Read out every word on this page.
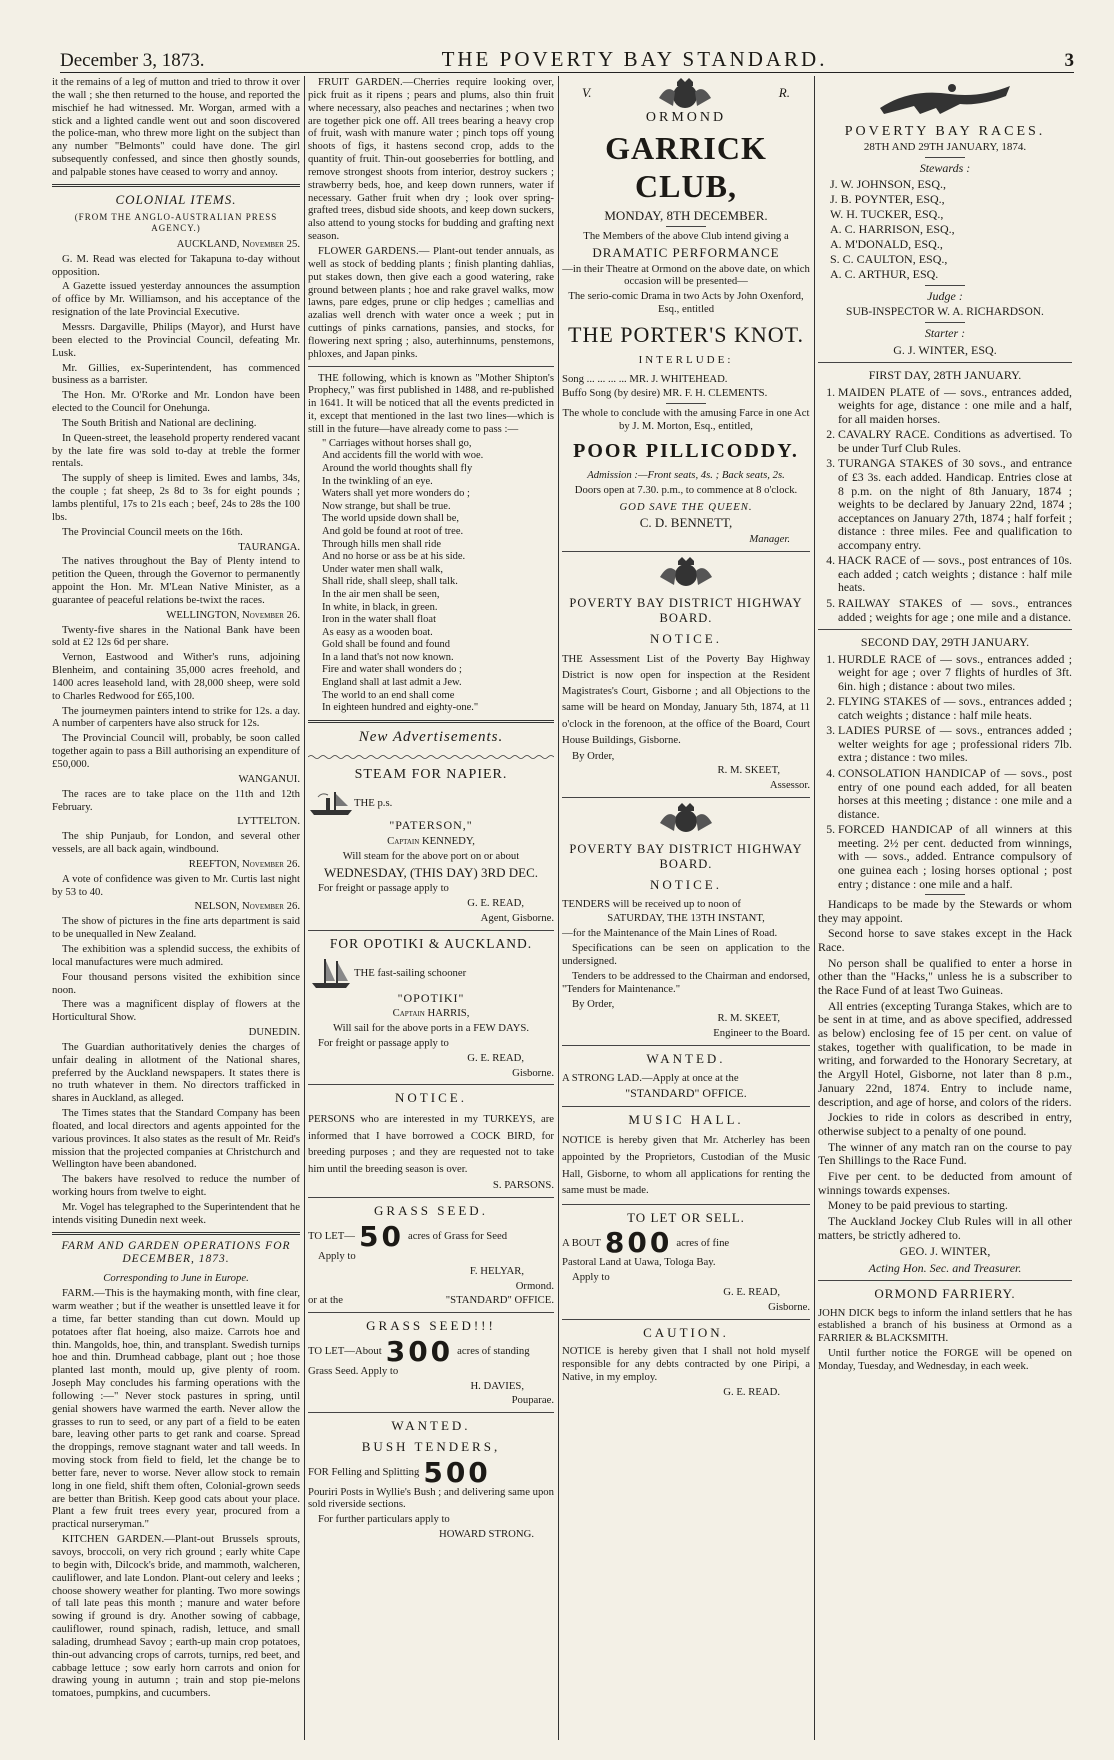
December 3, 1873.	THE POVERTY BAY STANDARD.	3

it the remains of a leg of mutton and tried to throw it over the wall ; she then returned to the house, and reported the mischief he had witnessed. Mr. Worgan, armed with a stick and a lighted candle went out and soon discovered the police-man, who threw more light on the subject than any number "Belmonts" could have done. The girl subsequently confessed, and since then ghostly sounds, and palpable stones have ceased to worry and annoy.

COLONIAL ITEMS.
(FROM THE ANGLO-AUSTRALIAN PRESS AGENCY.)

AUCKLAND, November 25.

G. M. Read was elected for Takapuna to-day without opposition.

A Gazette issued yesterday announces the assumption of office by Mr. Williamson, and his acceptance of the resignation of the late Provincial Executive.

Messrs. Dargaville, Philips (Mayor), and Hurst have been elected to the Provincial Council, defeating Mr. Lusk.

Mr. Gillies, ex-Superintendent, has commenced business as a barrister.

The Hon. Mr. O'Rorke and Mr. London have been elected to the Council for Onehunga.

The South British and National are declining.

In Queen-street, the leasehold property rendered vacant by the late fire was sold to-day at treble the former rentals.

The supply of sheep is limited. Ewes and lambs, 34s, the couple ; fat sheep, 2s 8d to 3s for eight pounds ; lambs plentiful, 17s to 21s each ; beef, 24s to 28s the 100 lbs.

The Provincial Council meets on the 16th.

TAURANGA.

The natives throughout the Bay of Plenty intend to petition the Queen, through the Governor to permanently appoint the Hon. Mr. M'Lean Native Minister, as a guarantee of peaceful relations be-twixt the races.

WELLINGTON, November 26.

Twenty-five shares in the National Bank have been sold at £2 12s 6d per share.

Vernon, Eastwood and Wither's runs, adjoining Blenheim, and containing 35,000 acres freehold, and 1400 acres leasehold land, with 28,000 sheep, were sold to Charles Redwood for £65,100.

The journeymen painters intend to strike for 12s. a day. A number of carpenters have also struck for 12s.

The Provincial Council will, probably, be soon called together again to pass a Bill authorising an expenditure of £50,000.

WANGANUI.

The races are to take place on the 11th and 12th February.

LYTTELTON.

The ship Punjaub, for London, and several other vessels, are all back again, windbound.

REEFTON, November 26.

A vote of confidence was given to Mr. Curtis last night by 53 to 40.

NELSON, November 26.

The show of pictures in the fine arts department is said to be unequalled in New Zealand.

The exhibition was a splendid success, the exhibits of local manufactures were much admired.

Four thousand persons visited the exhibition since noon.

There was a magnificent display of flowers at the Horticultural Show.

DUNEDIN.

The Guardian authoritatively denies the charges of unfair dealing in allotment of the National shares, preferred by the Auckland newspapers. It states there is no truth whatever in them. No directors trafficked in shares in Auckland, as alleged.

The Times states that the Standard Company has been floated, and local directors and agents appointed for the various provinces. It also states as the result of Mr. Reid's mission that the projected companies at Christchurch and Wellington have been abandoned.

The bakers have resolved to reduce the number of working hours from twelve to eight.

Mr. Vogel has telegraphed to the Superintendent that he intends visiting Dunedin next week.

FARM AND GARDEN OPERATIONS FOR DECEMBER, 1873.

Corresponding to June in Europe.

FARM.—This is the haymaking month, with fine clear, warm weather ; but if the weather is unsettled leave it for a time, far better standing than cut down. Mould up potatoes after flat hoeing, also maize. Carrots hoe and thin. Mangolds, hoe, thin, and transplant. Swedish turnips hoe and thin. Drumhead cabbage, plant out ; hoe those planted last month, mould up, give plenty of room. Joseph May concludes his farming operations with the following :—" Never stock pastures in spring, until genial showers have warmed the earth. Never allow the grasses to run to seed, or any part of a field to be eaten bare, leaving other parts to get rank and coarse. Spread the droppings, remove stagnant water and tall weeds. In moving stock from field to field, let the change be to better fare, never to worse. Never allow stock to remain long in one field, shift them often, Colonial-grown seeds are better than British. Keep good cats about your place. Plant a few fruit trees every year, procured from a practical nurseryman."

KITCHEN GARDEN.—Plant-out Brussels sprouts, savoys, broccoli, on very rich ground ; early white Cape to begin with, Dilcock's bride, and mammoth, walcheren, cauliflower, and late London. Plant-out celery and leeks ; choose showery weather for planting. Two more sowings of tall late peas this month ; manure and water before sowing if ground is dry. Another sowing of cabbage, cauliflower, round spinach, radish, lettuce, and small salading, drumhead Savoy ; earth-up main crop potatoes, thin-out advancing crops of carrots, turnips, red beet, and cabbage lettuce ; sow early horn carrots and onion for drawing young in autumn ; train and stop pie-melons tomatoes, pumpkins, and cucumbers.

FRUIT GARDEN.—Cherries require looking over, pick fruit as it ripens ; pears and plums, also thin fruit where necessary, also peaches and nectarines ; when two are together pick one off. All trees bearing a heavy crop of fruit, wash with manure water ; pinch tops off young shoots of figs, it hastens second crop, adds to the quantity of fruit. Thin-out gooseberries for bottling, and remove strongest shoots from interior, destroy suckers ; strawberry beds, hoe, and keep down runners, water if necessary. Gather fruit when dry ; look over spring-grafted trees, disbud side shoots, and keep down suckers, also attend to young stocks for budding and grafting next season.

FLOWER GARDENS.— Plant-out tender annuals, as well as stock of bedding plants ; finish planting dahlias, put stakes down, then give each a good watering, rake ground between plants ; hoe and rake gravel walks, mow lawns, pare edges, prune or clip hedges ; camellias and azalias well drench with water once a week ; put in cuttings of pinks carnations, pansies, and stocks, for flowering next spring ; also, auterhinnums, penstemons, phloxes, and Japan pinks.

THE following, which is known as "Mother Shipton's Prophecy," was first published in 1488, and re-published in 1641. It will be noticed that all the events predicted in it, except that mentioned in the last two lines—which is still in the future—have already come to pass :—

" Carriages without horses shall go,
And accidents fill the world with woe.
Around the world thoughts shall fly
In the twinkling of an eye.
Waters shall yet more wonders do ;
Now strange, but shall be true.
The world upside down shall be,
And gold be found at root of tree.
Through hills men shall ride
And no horse or ass be at his side.
Under water men shall walk,
Shall ride, shall sleep, shall talk.
In the air men shall be seen,
In white, in black, in green.
Iron in the water shall float
As easy as a wooden boat.
Gold shall be found and found
In a land that's not now known.
Fire and water shall wonders do ;
England shall at last admit a Jew.
The world to an end shall come
In eighteen hundred and eighty-one."
New Advertisements.
STEAM FOR NAPIER.
THE p.s.

"PATERSON,"

Captain KENNEDY,

Will steam for the above port on or about

WEDNESDAY, (THIS DAY) 3RD DEC.

For freight or passage apply to

G. E. READ,

Agent, Gisborne.

FOR OPOTIKI & AUCKLAND.
THE fast-sailing schooner

"OPOTIKI"

Captain HARRIS,

Will sail for the above ports in a FEW DAYS.

For freight or passage apply to

G. E. READ,

Gisborne.

NOTICE.

PERSONS who are interested in my TURKEYS, are informed that I have borrowed a COCK BIRD, for breeding purposes ; and they are requested not to take him until the breeding season is over.

S. PARSONS.

GRASS SEED.
TO LET— 50 acres of Grass for Seed

Apply to

F. HELYAR,

Ormond.

or at the	"STANDARD" OFFICE.

GRASS SEED!!!
TO LET—About 300 acres of standing

Grass Seed. Apply to

H. DAVIES,

Pouparae.

WANTED.
BUSH TENDERS,
FOR Felling and Splitting 500

Pouriri Posts in Wyllie's Bush ; and delivering same upon sold riverside sections.

For further particulars apply to

HOWARD STRONG.

V.	R.
ORMOND
GARRICK CLUB,

MONDAY, 8TH DECEMBER.

The Members of the above Club intend giving a

DRAMATIC PERFORMANCE

—in their Theatre at Ormond on the above date, on which occasion will be presented—

The serio-comic Drama in two Acts by John Oxenford, Esq., entitled

THE PORTER'S KNOT.
INTERLUDE:

Song ... ... ... ... MR. J. WHITEHEAD.

Buffo Song (by desire) MR. F. H. CLEMENTS.

The whole to conclude with the amusing Farce in one Act by J. M. Morton, Esq., entitled,

POOR PILLICODDY.

Admission :—Front seats, 4s. ; Back seats, 2s.

Doors open at 7.30. p.m., to commence at 8 o'clock.

GOD SAVE THE QUEEN.

C. D. BENNETT,

Manager.

POVERTY BAY DISTRICT HIGHWAY BOARD.
NOTICE.

THE Assessment List of the Poverty Bay Highway District is now open for inspection at the Resident Magistrates's Court, Gisborne ; and all Objections to the same will be heard on Monday, January 5th, 1874, at 11 o'clock in the forenoon, at the office of the Board, Court House Buildings, Gisborne.

By Order,

R. M. SKEET,

Assessor.

POVERTY BAY DISTRICT HIGHWAY BOARD.
NOTICE.

TENDERS will be received up to noon of

SATURDAY, THE 13TH INSTANT,

—for the Maintenance of the Main Lines of Road.

Specifications can be seen on application to the undersigned.

Tenders to be addressed to the Chairman and endorsed, "Tenders for Maintenance."

By Order,

R. M. SKEET,

Engineer to the Board.

WANTED.

A STRONG LAD.—Apply at once at the

"STANDARD" OFFICE.

MUSIC HALL.

NOTICE is hereby given that Mr. Atcherley has been appointed by the Proprietors, Custodian of the Music Hall, Gisborne, to whom all applications for renting the same must be made.

TO LET OR SELL.
A BOUT 800 acres of fine

Pastoral Land at Uawa, Tologa Bay.

Apply to

G. E. READ,

Gisborne.

CAUTION.

NOTICE is hereby given that I shall not hold myself responsible for any debts contracted by one Piripi, a Native, in my employ.

G. E. READ.

POVERTY BAY RACES.

28TH AND 29TH JANUARY, 1874.

Stewards :

J. W. JOHNSON, ESQ.,
J. B. POYNTER, ESQ.,
W. H. TUCKER, ESQ.,
A. C. HARRISON, ESQ.,
A. M'DONALD, ESQ.,
S. C. CAULTON, ESQ.,
A. C. ARTHUR, ESQ.

Judge :

SUB-INSPECTOR W. A. RICHARDSON.

Starter :

G. J. WINTER, ESQ.

FIRST DAY, 28TH JANUARY.

1. MAIDEN PLATE of — sovs., entrances added, weights for age, distance : one mile and a half, for all maiden horses.
2. CAVALRY RACE. Conditions as advertised. To be under Turf Club Rules.
3. TURANGA STAKES of 30 sovs., and entrance of £3 3s. each added. Handicap. Entries close at 8 p.m. on the night of 8th January, 1874 ; weights to be declared by January 22nd, 1874 ; acceptances on January 27th, 1874 ; half forfeit ; distance : three miles. Fee and qualification to accompany entry.
4. HACK RACE of — sovs., post entrances of 10s. each added ; catch weights ; distance : half mile heats.
5. RAILWAY STAKES of — sovs., entrances added ; weights for age ; one mile and a distance.

SECOND DAY, 29TH JANUARY.

1. HURDLE RACE of — sovs., entrances added ; weight for age ; over 7 flights of hurdles of 3ft. 6in. high ; distance : about two miles.
2. FLYING STAKES of — sovs., entrances added ; catch weights ; distance : half mile heats.
3. LADIES PURSE of — sovs., entrances added ; welter weights for age ; professional riders 7lb. extra ; distance : two miles.
4. CONSOLATION HANDICAP of — sovs., post entry of one pound each added, for all beaten horses at this meeting ; distance : one mile and a distance.
5. FORCED HANDICAP of all winners at this meeting. 2½ per cent. deducted from winnings, with — sovs., added. Entrance compulsory of one guinea each ; losing horses optional ; post entry ; distance : one mile and a half.

Handicaps to be made by the Stewards or whom they may appoint.

Second horse to save stakes except in the Hack Race.

No person shall be qualified to enter a horse in other than the "Hacks," unless he is a subscriber to the Race Fund of at least Two Guineas.

All entries (excepting Turanga Stakes, which are to be sent in at time, and as above specified, addressed as below) enclosing fee of 15 per cent. on value of stakes, together with qualification, to be made in writing, and forwarded to the Honorary Secretary, at the Argyll Hotel, Gisborne, not later than 8 p.m., January 22nd, 1874. Entry to include name, description, and age of horse, and colors of the riders.

Jockies to ride in colors as described in entry, otherwise subject to a penalty of one pound.

The winner of any match ran on the course to pay Ten Shillings to the Race Fund.

Five per cent. to be deducted from amount of winnings towards expenses.

Money to be paid previous to starting.

The Auckland Jockey Club Rules will in all other matters, be strictly adhered to.

GEO. J. WINTER,

Acting Hon. Sec. and Treasurer.

ORMOND FARRIERY.

JOHN DICK begs to inform the inland settlers that he has established a branch of his business at Ormond as a FARRIER & BLACKSMITH.

Until further notice the FORGE will be opened on Monday, Tuesday, and Wednesday, in each week.
